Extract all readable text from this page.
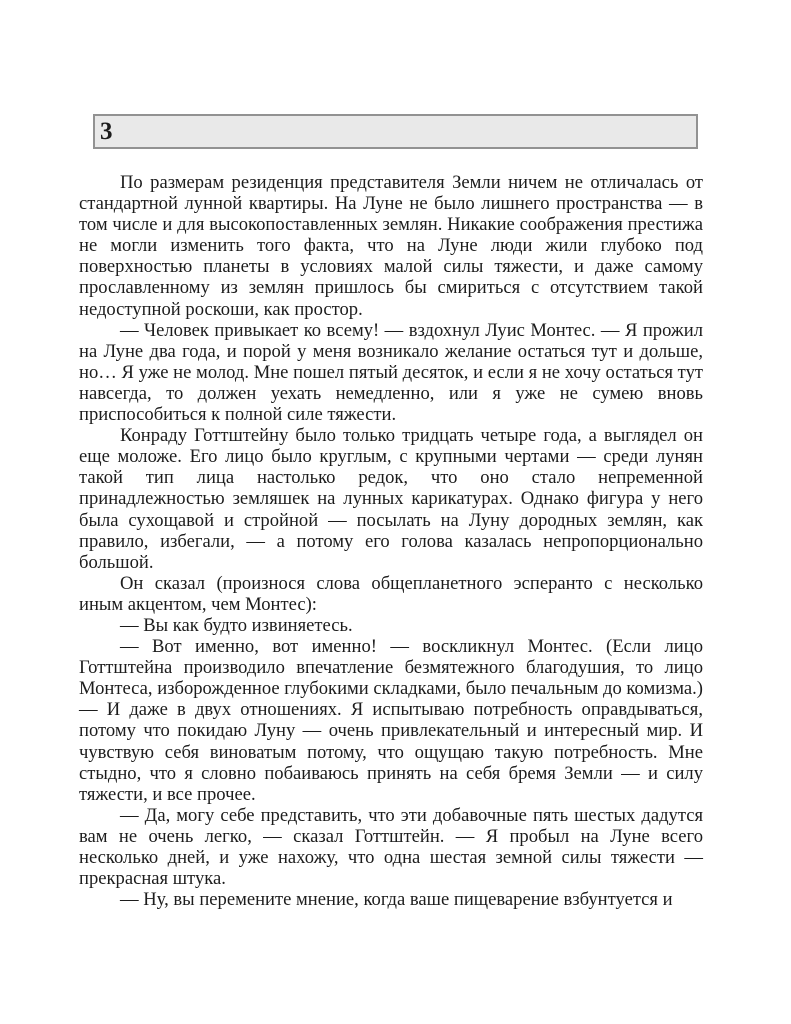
3

По размерам резиденция представителя Земли ничем не отличалась от стандартной лунной квартиры. На Луне не было лишнего пространства — в том числе и для высокопоставленных землян. Никакие соображения престижа не могли изменить того факта, что на Луне люди жили глубоко под поверхностью планеты в условиях малой силы тяжести, и даже самому прославленному из землян пришлось бы смириться с отсутствием такой недоступной роскоши, как простор.

— Человек привыкает ко всему! — вздохнул Луис Монтес. — Я прожил на Луне два года, и порой у меня возникало желание остаться тут и дольше, но… Я уже не молод. Мне пошел пятый десяток, и если я не хочу остаться тут навсегда, то должен уехать немедленно, или я уже не сумею вновь приспособиться к полной силе тяжести.

Конраду Готтштейну было только тридцать четыре года, а выглядел он еще моложе. Его лицо было круглым, с крупными чертами — среди лунян такой тип лица настолько редок, что оно стало непременной принадлежностью земляшек на лунных карикатурах. Однако фигура у него была сухощавой и стройной — посылать на Луну дородных землян, как правило, избегали, — а потому его голова казалась непропорционально большой.

Он сказал (произнося слова общепланетного эсперанто с несколько иным акцентом, чем Монтес):

— Вы как будто извиняетесь.

— Вот именно, вот именно! — воскликнул Монтес. (Если лицо Готтштейна производило впечатление безмятежного благодушия, то лицо Монтеса, изборожденное глубокими складками, было печальным до комизма.) — И даже в двух отношениях. Я испытываю потребность оправдываться, потому что покидаю Луну — очень привлекательный и интересный мир. И чувствую себя виноватым потому, что ощущаю такую потребность. Мне стыдно, что я словно побаиваюсь принять на себя бремя Земли — и силу тяжести, и все прочее.

— Да, могу себе представить, что эти добавочные пять шестых дадутся вам не очень легко, — сказал Готтштейн. — Я пробыл на Луне всего несколько дней, и уже нахожу, что одна шестая земной силы тяжести — прекрасная штука.

— Ну, вы перемените мнение, когда ваше пищеварение взбунтуется и
